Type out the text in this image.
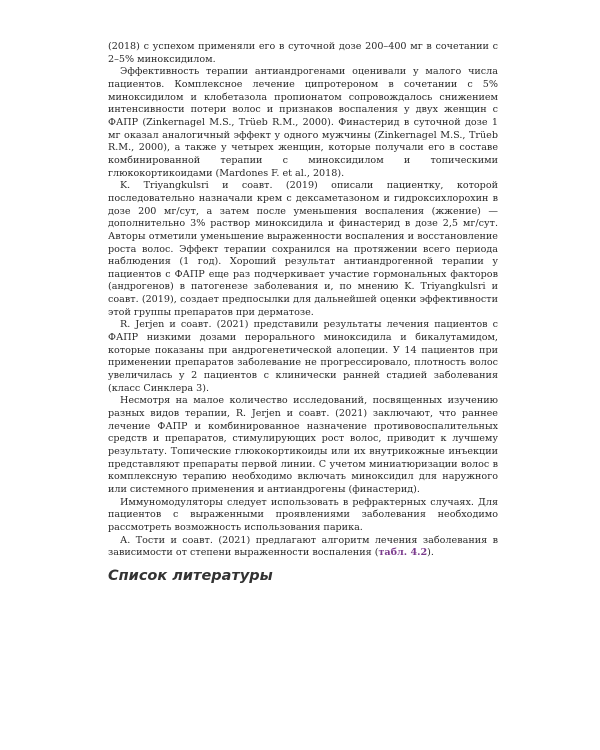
(2018) с успехом применяли его в суточной дозе 200–400 мг в сочетании с 2–5% миноксидилом.

Эффективность терапии антиандрогенами оценивали у малого числа пациентов. Комплексное лечение ципротероном в сочетании с 5% миноксидилом и клобетазола пропионатом сопровождалось снижением интенсивности потери волос и признаков воспаления у двух женщин с ФАПР (Zinkernagel M.S., Trüeb R.M., 2000). Финастерид в суточной дозе 1 мг оказал аналогичный эффект у одного мужчины (Zinkernagel M.S., Trüeb R.M., 2000), а также у четырех женщин, которые получали его в составе комбинированной терапии с миноксидилом и топическими глюкокортикоидами (Mardones F. et al., 2018).

K. Triyangkulsri и соавт. (2019) описали пациентку, которой последовательно назначали крем с дексаметазоном и гидроксихлорохин в дозе 200 мг/сут, а затем после уменьшения воспаления (жжение) — дополнительно 3% раствор миноксидила и финастерид в дозе 2,5 мг/сут. Авторы отметили уменьшение выраженности воспаления и восстановление роста волос. Эффект терапии сохранился на протяжении всего периода наблюдения (1 год). Хороший результат антиандрогенной терапии у пациентов с ФАПР еще раз подчеркивает участие гормональных факторов (андрогенов) в патогенезе заболевания и, по мнению K. Triyangkulsri и соавт. (2019), создает предпосылки для дальнейшей оценки эффективности этой группы препаратов при дерматозе.

R. Jerjen и соавт. (2021) представили результаты лечения пациентов с ФАПР низкими дозами перорального миноксидила и бикалутамидом, которые показаны при андрогенетической алопеции. У 14 пациентов при применении препаратов заболевание не прогрессировало, плотность волос увеличилась у 2 пациентов с клинически ранней стадией заболевания (класс Синклера 3).

Несмотря на малое количество исследований, посвященных изучению разных видов терапии, R. Jerjen и соавт. (2021) заключают, что раннее лечение ФАПР и комбинированное назначение противовоспалительных средств и препаратов, стимулирующих рост волос, приводит к лучшему результату. Топические глюкокортикоиды или их внутрикожные инъекции представляют препараты первой линии. С учетом миниатюризации волос в комплексную терапию необходимо включать миноксидил для наружного или системного применения и антиандрогены (финастерид).

Иммуномодуляторы следует использовать в рефрактерных случаях. Для пациентов с выраженными проявлениями заболевания необходимо рассмотреть возможность использования парика.

А. Тости и соавт. (2021) предлагают алгоритм лечения заболевания в зависимости от степени выраженности воспаления (табл. 4.2).

Список литературы
